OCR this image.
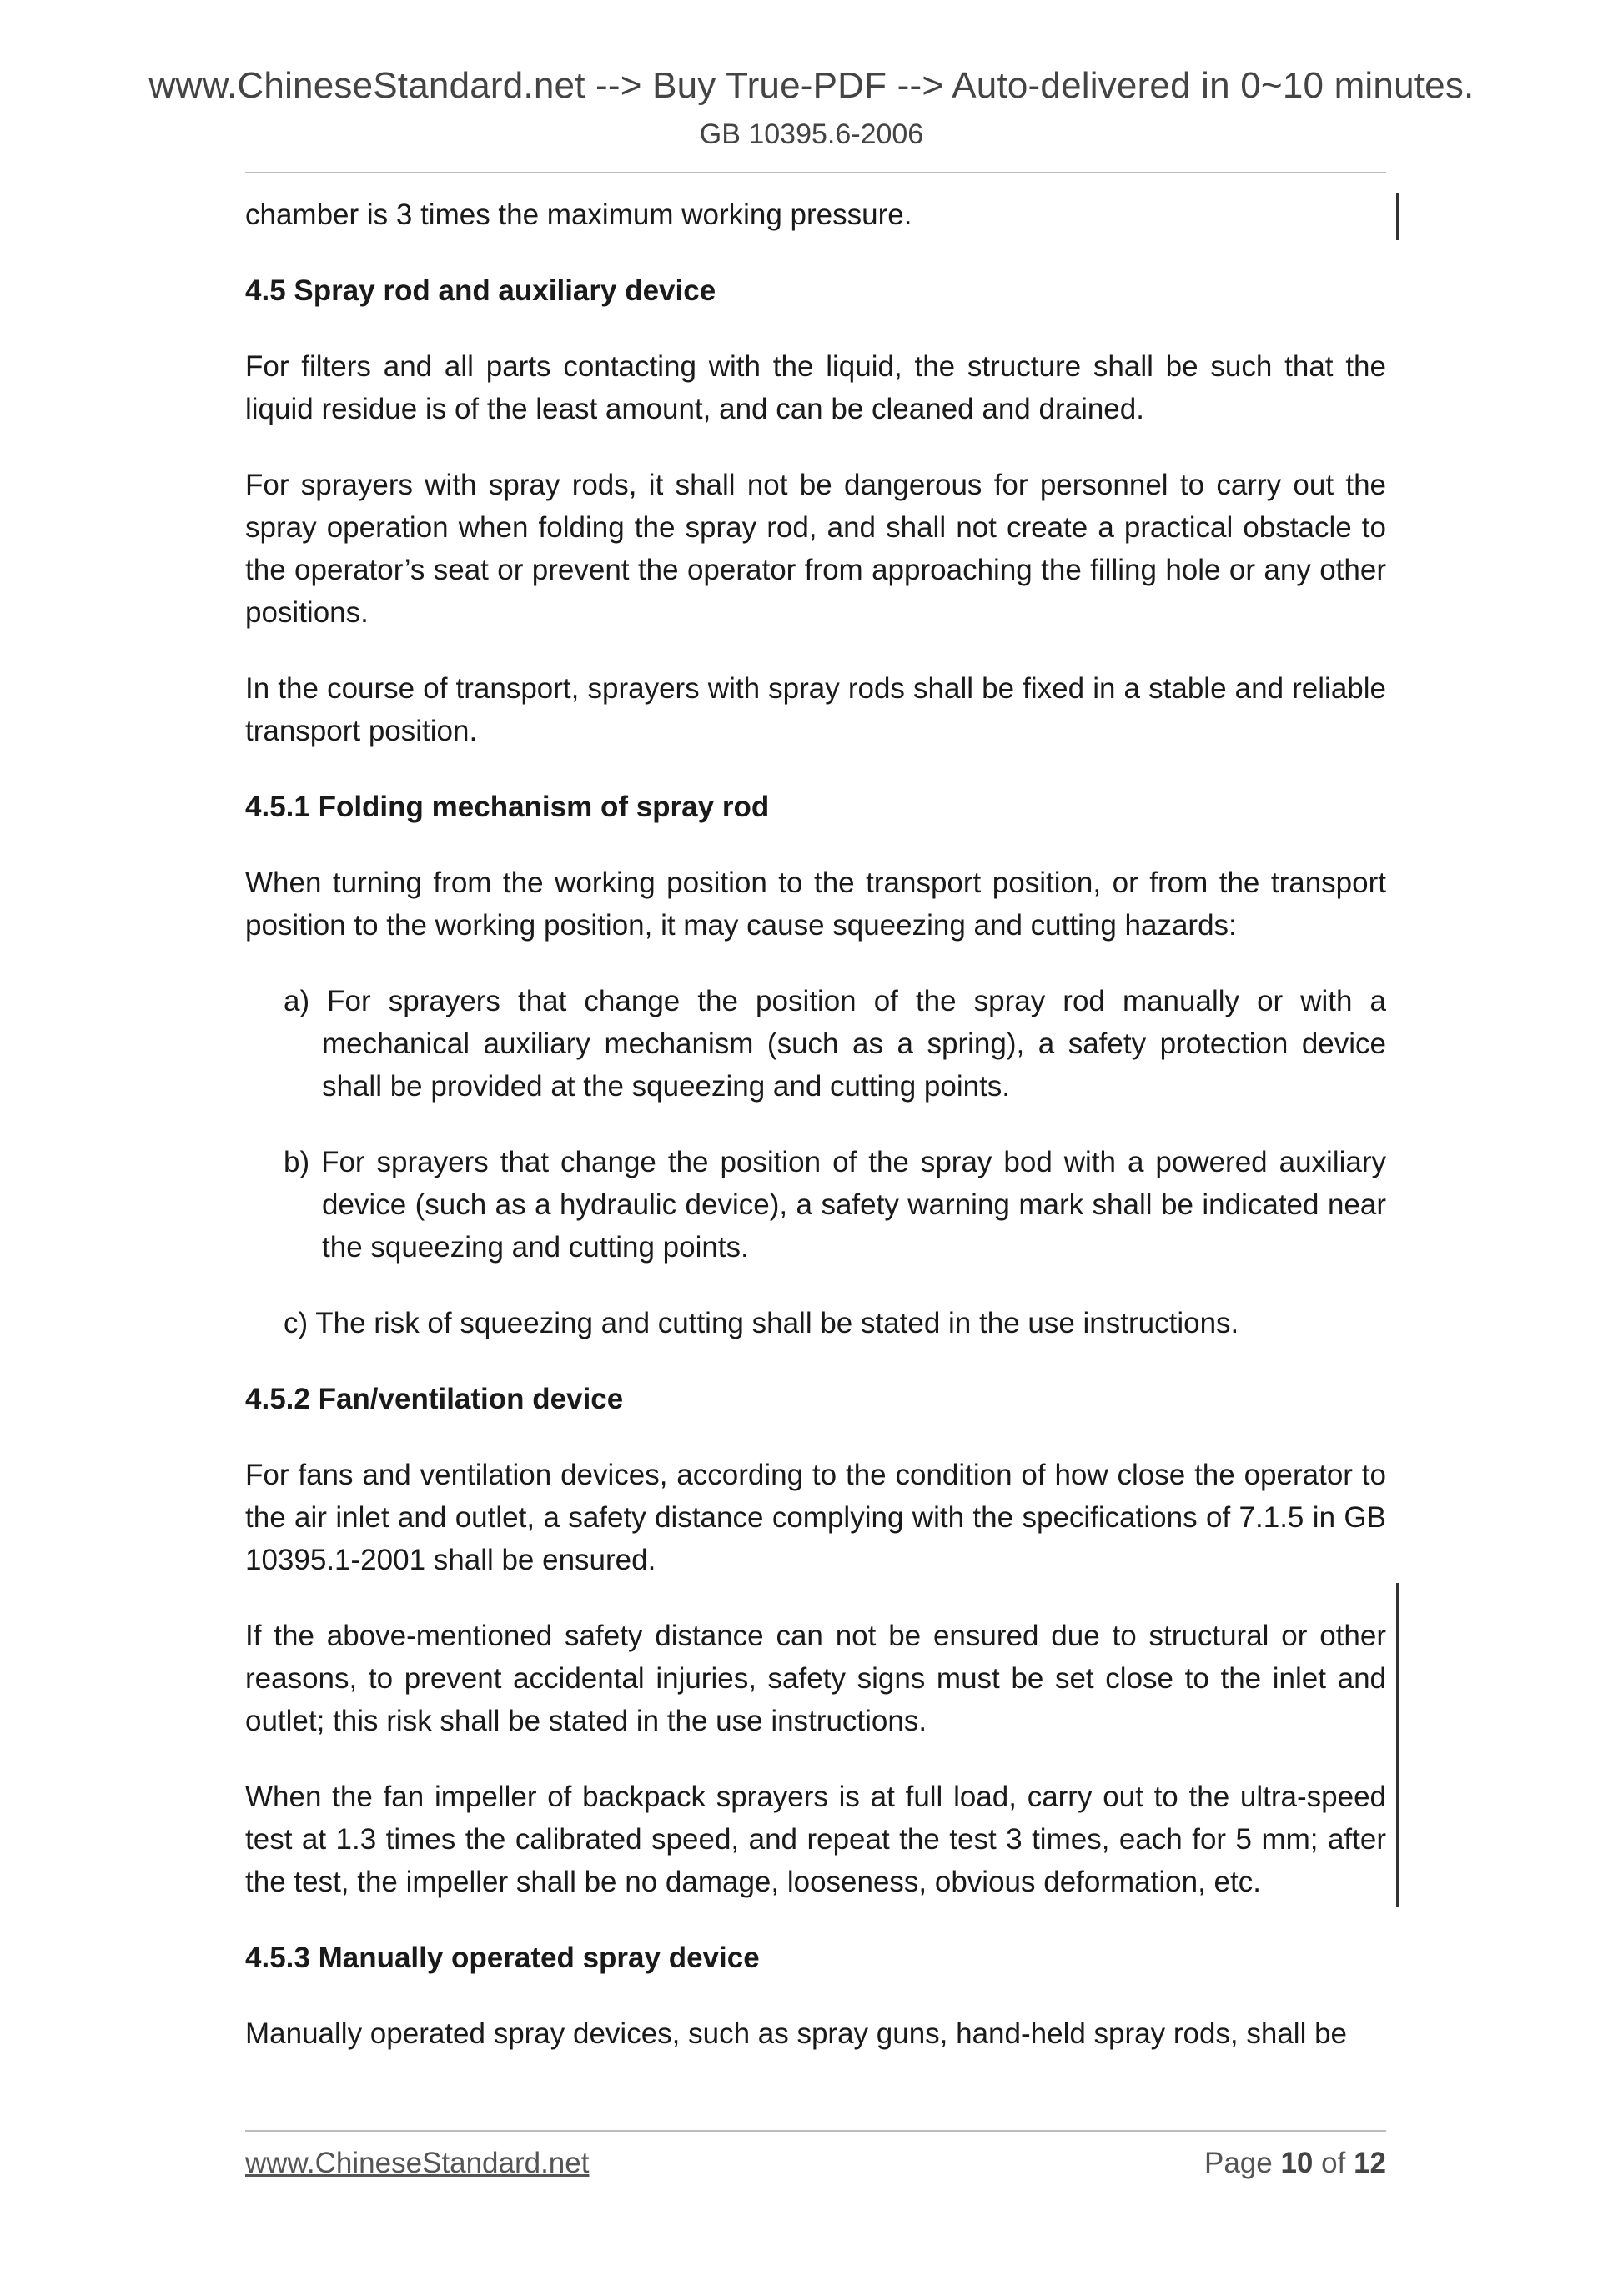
www.ChineseStandard.net --> Buy True-PDF --> Auto-delivered in 0~10 minutes.
GB 10395.6-2006

chamber is 3 times the maximum working pressure.

4.5 Spray rod and auxiliary device

For filters and all parts contacting with the liquid, the structure shall be such that the liquid residue is of the least amount, and can be cleaned and drained.

For sprayers with spray rods, it shall not be dangerous for personnel to carry out the spray operation when folding the spray rod, and shall not create a practical obstacle to the operator’s seat or prevent the operator from approaching the filling hole or any other positions.

In the course of transport, sprayers with spray rods shall be fixed in a stable and reliable transport position.

4.5.1 Folding mechanism of spray rod

When turning from the working position to the transport position, or from the transport position to the working position, it may cause squeezing and cutting hazards:

a) For sprayers that change the position of the spray rod manually or with a mechanical auxiliary mechanism (such as a spring), a safety protection device shall be provided at the squeezing and cutting points.
b) For sprayers that change the position of the spray bod with a powered auxiliary device (such as a hydraulic device), a safety warning mark shall be indicated near the squeezing and cutting points.
c) The risk of squeezing and cutting shall be stated in the use instructions.
4.5.2 Fan/ventilation device

For fans and ventilation devices, according to the condition of how close the operator to the air inlet and outlet, a safety distance complying with the specifications of 7.1.5 in GB 10395.1-2001 shall be ensured.

If the above-mentioned safety distance can not be ensured due to structural or other reasons, to prevent accidental injuries, safety signs must be set close to the inlet and outlet; this risk shall be stated in the use instructions.

When the fan impeller of backpack sprayers is at full load, carry out to the ultra-speed test at 1.3 times the calibrated speed, and repeat the test 3 times, each for 5 mm; after the test, the impeller shall be no damage, looseness, obvious deformation, etc.

4.5.3 Manually operated spray device

Manually operated spray devices, such as spray guns, hand-held spray rods, shall be

www.ChineseStandard.net	Page 10 of 12
